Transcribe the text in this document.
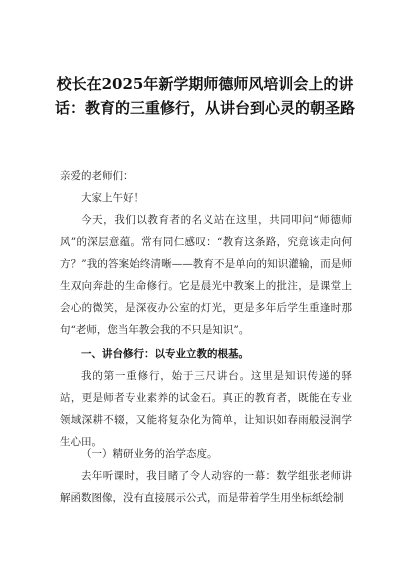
校长在2025年新学期师德师风培训会上的讲话：教育的三重修行，从讲台到心灵的朝圣路
亲爱的老师们：
大家上午好！
今天，我们以教育者的名义站在这里，共同叩问“师德师风”的深层意蕴。常有同仁感叹：“教育这条路，究竟该走向何方？”我的答案始终清晰——教育不是单向的知识灌输，而是师生双向奔赴的生命修行。它是晨光中教案上的批注，是课堂上会心的微笑，是深夜办公室的灯光，更是多年后学生重逢时那句“老师，您当年教会我的不只是知识”。
一、讲台修行：以专业立教的根基。
我的第一重修行，始于三尺讲台。这里是知识传递的驿站，更是师者专业素养的试金石。真正的教育者，既能在专业领域深耕不辍，又能将复杂化为简单，让知识如春雨般浸润学生心田。
（一）精研业务的治学态度。
去年听课时，我目睹了令人动容的一幕：数学组张老师讲解函数图像，没有直接展示公式，而是带着学生用坐标纸绘制
